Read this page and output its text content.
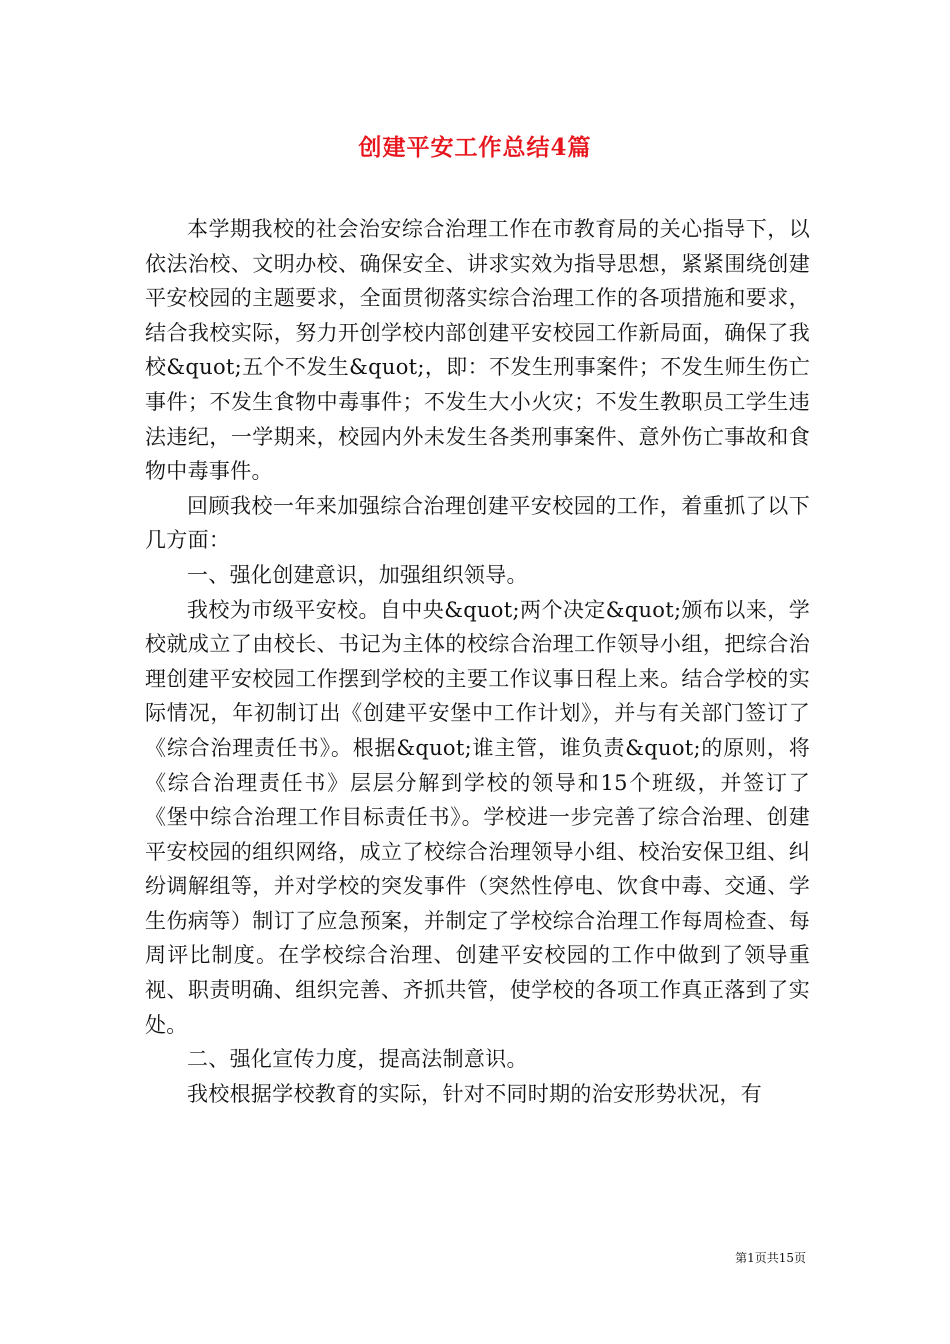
创建平安工作总结4篇

本学期我校的社会治安综合治理工作在市教育局的关心指导下，以依法治校、文明办校、确保安全、讲求实效为指导思想，紧紧围绕创建平安校园的主题要求，全面贯彻落实综合治理工作的各项措施和要求，结合我校实际，努力开创学校内部创建平安校园工作新局面，确保了我校&quot;五个不发生&quot;，即：不发生刑事案件；不发生师生伤亡事件；不发生食物中毒事件；不发生大小火灾；不发生教职员工学生违法违纪，一学期来，校园内外未发生各类刑事案件、意外伤亡事故和食物中毒事件。

回顾我校一年来加强综合治理创建平安校园的工作，着重抓了以下几方面：

一、强化创建意识，加强组织领导。

我校为市级平安校。自中央&quot;两个决定&quot;颁布以来，学校就成立了由校长、书记为主体的校综合治理工作领导小组，把综合治理创建平安校园工作摆到学校的主要工作议事日程上来。结合学校的实际情况，年初制订出《创建平安堡中工作计划》，并与有关部门签订了《综合治理责任书》。根据&quot;谁主管，谁负责&quot;的原则，将《综合治理责任书》层层分解到学校的领导和15个班级，并签订了《堡中综合治理工作目标责任书》。学校进一步完善了综合治理、创建平安校园的组织网络，成立了校综合治理领导小组、校治安保卫组、纠纷调解组等，并对学校的突发事件（突然性停电、饮食中毒、交通、学生伤病等）制订了应急预案，并制定了学校综合治理工作每周检查、每周评比制度。在学校综合治理、创建平安校园的工作中做到了领导重视、职责明确、组织完善、齐抓共管，使学校的各项工作真正落到了实处。

二、强化宣传力度，提高法制意识。

我校根据学校教育的实际，针对不同时期的治安形势状况，有

第1页共15页
